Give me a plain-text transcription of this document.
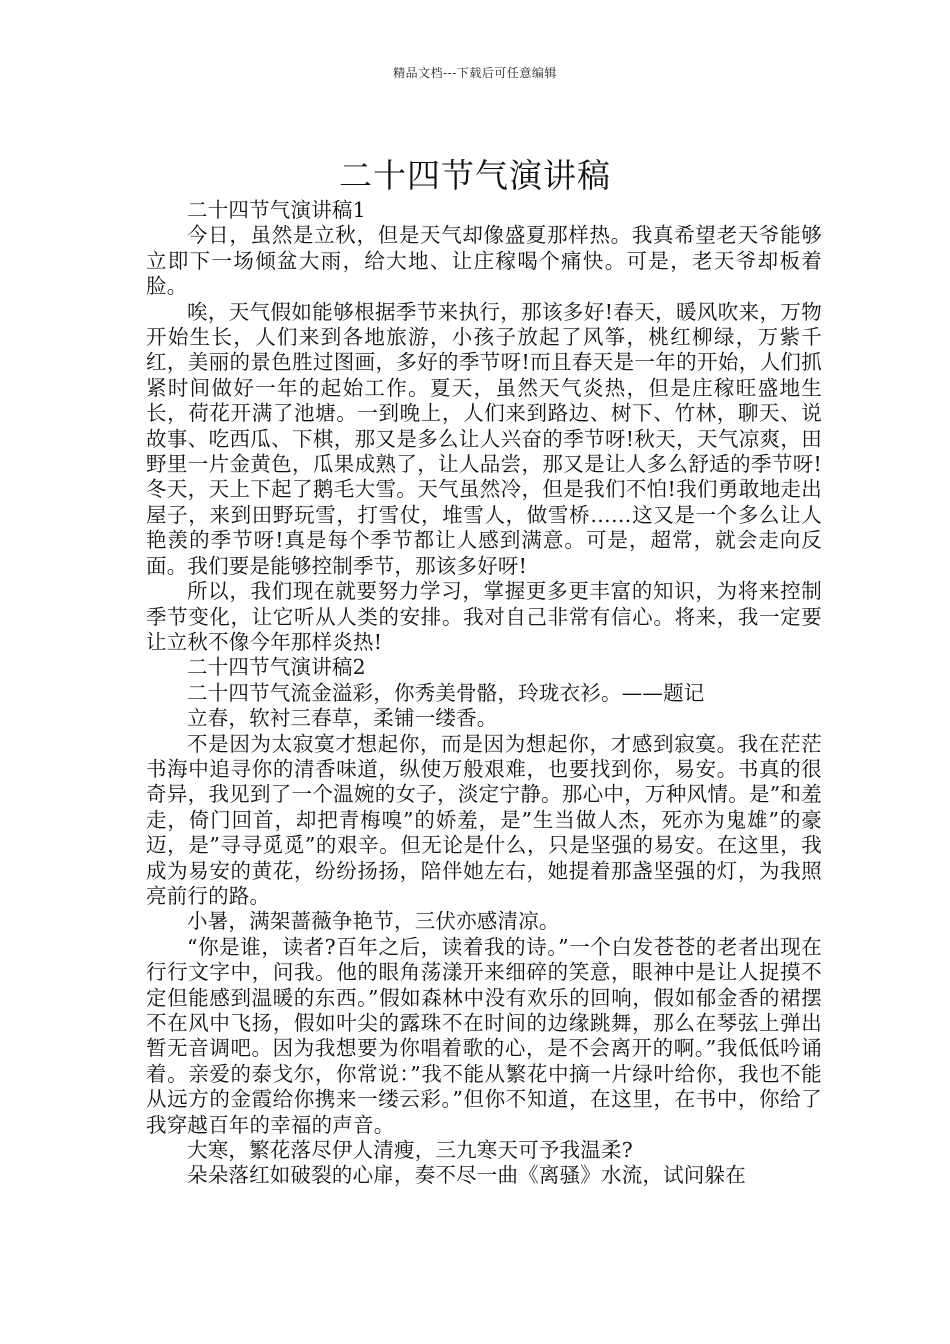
精品文档---下载后可任意编辑
二十四节气演讲稿

二十四节气演讲稿1

今日，虽然是立秋，但是天气却像盛夏那样热。我真希望老天爷能够立即下一场倾盆大雨，给大地、让庄稼喝个痛快。可是，老天爷却板着脸。

唉，天气假如能够根据季节来执行，那该多好!春天，暖风吹来，万物开始生长，人们来到各地旅游，小孩子放起了风筝，桃红柳绿，万紫千红，美丽的景色胜过图画，多好的季节呀!而且春天是一年的开始，人们抓紧时间做好一年的起始工作。夏天，虽然天气炎热，但是庄稼旺盛地生长，荷花开满了池塘。一到晚上，人们来到路边、树下、竹林，聊天、说故事、吃西瓜、下棋，那又是多么让人兴奋的季节呀!秋天，天气凉爽，田野里一片金黄色，瓜果成熟了，让人品尝，那又是让人多么舒适的季节呀!冬天，天上下起了鹅毛大雪。天气虽然冷，但是我们不怕!我们勇敢地走出屋子，来到田野玩雪，打雪仗，堆雪人，做雪桥……这又是一个多么让人艳羡的季节呀!真是每个季节都让人感到满意。可是，超常，就会走向反面。我们要是能够控制季节，那该多好呀!

所以，我们现在就要努力学习，掌握更多更丰富的知识，为将来控制季节变化，让它听从人类的安排。我对自己非常有信心。将来，我一定要让立秋不像今年那样炎热!

二十四节气演讲稿2

二十四节气流金溢彩，你秀美骨骼，玲珑衣衫。——题记

立春，软衬三春草，柔铺一缕香。

不是因为太寂寞才想起你，而是因为想起你，才感到寂寞。我在茫茫书海中追寻你的清香味道，纵使万般艰难，也要找到你，易安。书真的很奇异，我见到了一个温婉的女子，淡定宁静。那心中，万种风情。是”和羞走，倚门回首，却把青梅嗅”的娇羞，是”生当做人杰，死亦为鬼雄”的豪迈，是”寻寻觅觅”的艰辛。但无论是什么，只是坚强的易安。在这里，我成为易安的黄花，纷纷扬扬，陪伴她左右，她提着那盏坚强的灯，为我照亮前行的路。

小暑，满架蔷薇争艳节，三伏亦感清凉。

“你是谁，读者?百年之后，读着我的诗。”一个白发苍苍的老者出现在行行文字中，问我。他的眼角荡漾开来细碎的笑意，眼神中是让人捉摸不定但能感到温暖的东西。”假如森林中没有欢乐的回响，假如郁金香的裙摆不在风中飞扬，假如叶尖的露珠不在时间的边缘跳舞，那么在琴弦上弹出暂无音调吧。因为我想要为你唱着歌的心，是不会离开的啊。”我低低吟诵着。亲爱的泰戈尔，你常说：”我不能从繁花中摘一片绿叶给你，我也不能从远方的金霞给你携来一缕云彩。”但你不知道，在这里，在书中，你给了我穿越百年的幸福的声音。

大寒，繁花落尽伊人清瘦，三九寒天可予我温柔?

朵朵落红如破裂的心扉，奏不尽一曲《离骚》水流，试问躲在
